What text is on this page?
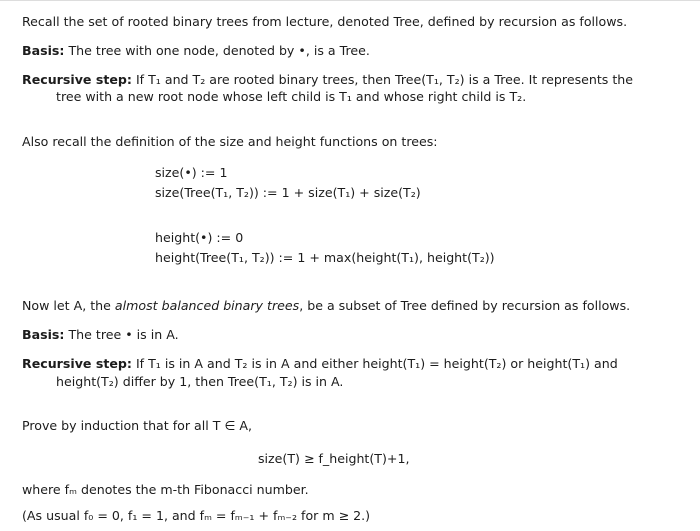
Recall the set of rooted binary trees from lecture, denoted Tree, defined by recursion as follows.
Basis: The tree with one node, denoted by •, is a Tree.
Recursive step: If T₁ and T₂ are rooted binary trees, then Tree(T₁, T₂) is a Tree. It represents the
tree with a new root node whose left child is T₁ and whose right child is T₂.
Also recall the definition of the size and height functions on trees:
size(•) := 1
size(Tree(T₁, T₂)) := 1 + size(T₁) + size(T₂)
height(•) := 0
height(Tree(T₁, T₂)) := 1 + max(height(T₁), height(T₂))
Now let A, the almost balanced binary trees, be a subset of Tree defined by recursion as follows.
Basis: The tree • is in A.
Recursive step: If T₁ is in A and T₂ is in A and either height(T₁) = height(T₂) or height(T₁) and
height(T₂) differ by 1, then Tree(T₁, T₂) is in A.
Prove by induction that for all T ∈ A,
size(T) ≥ f_height(T)+1,
where fₘ denotes the m-th Fibonacci number.
(As usual f₀ = 0, f₁ = 1, and fₘ = fₘ₋₁ + fₘ₋₂ for m ≥ 2.)
